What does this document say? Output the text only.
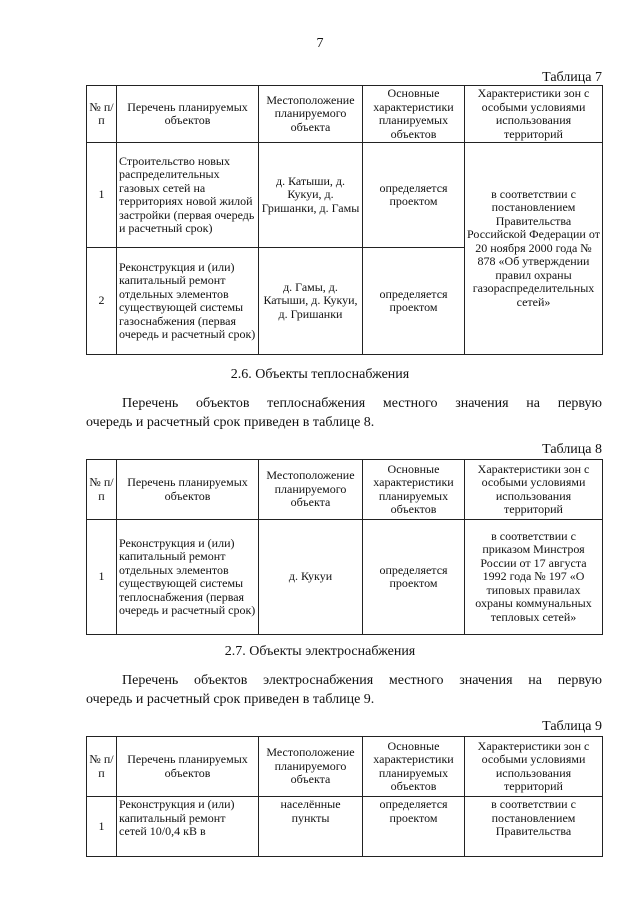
7
Таблица 7
№ п/п	Перечень планируемых объектов	Местоположение планируемого объекта	Основные характеристики планируемых объектов	Характеристики зон с особыми условиями использования территорий
1	Строительство новых распределительных газовых сетей на территориях новой жилой застройки (первая очередь и расчетный срок)	д. Катыши, д. Кукуи, д. Гришанки, д. Гамы	определяется проектом	в соответствии с постановлением Правительства Российской Федерации от 20 ноября 2000 года № 878 «Об утверждении правил охраны газораспределительных сетей»
2	Реконструкция и (или) капитальный ремонт отдельных элементов существующей системы газоснабжения (первая очередь и расчетный срок)	д. Гамы, д. Катыши, д. Кукуи, д. Гришанки	определяется проектом	
2.6. Объекты теплоснабжения
Перечень объектов теплоснабжения местного значения на первую
очередь и расчетный срок приведен в таблице 8.
Таблица 8
№ п/п	Перечень планируемых объектов	Местоположение планируемого объекта	Основные характеристики планируемых объектов	Характеристики зон с особыми условиями использования территорий
1	Реконструкция и (или) капитальный ремонт отдельных элементов существующей системы теплоснабжения (первая очередь и расчетный срок)	д. Кукуи	определяется проектом	в соответствии с приказом Минстроя России от 17 августа 1992 года № 197 «О типовых правилах охраны коммунальных тепловых сетей»
2.7. Объекты электроснабжения
Перечень объектов электроснабжения местного значения на первую
очередь и расчетный срок приведен в таблице 9.
Таблица 9
№ п/п	Перечень планируемых объектов	Местоположение планируемого объекта	Основные характеристики планируемых объектов	Характеристики зон с особыми условиями использования территорий
1	Реконструкция и (или) капитальный ремонт сетей 10/0,4 кВ в	населённые пункты	определяется проектом	в соответствии с постановлением Правительства
